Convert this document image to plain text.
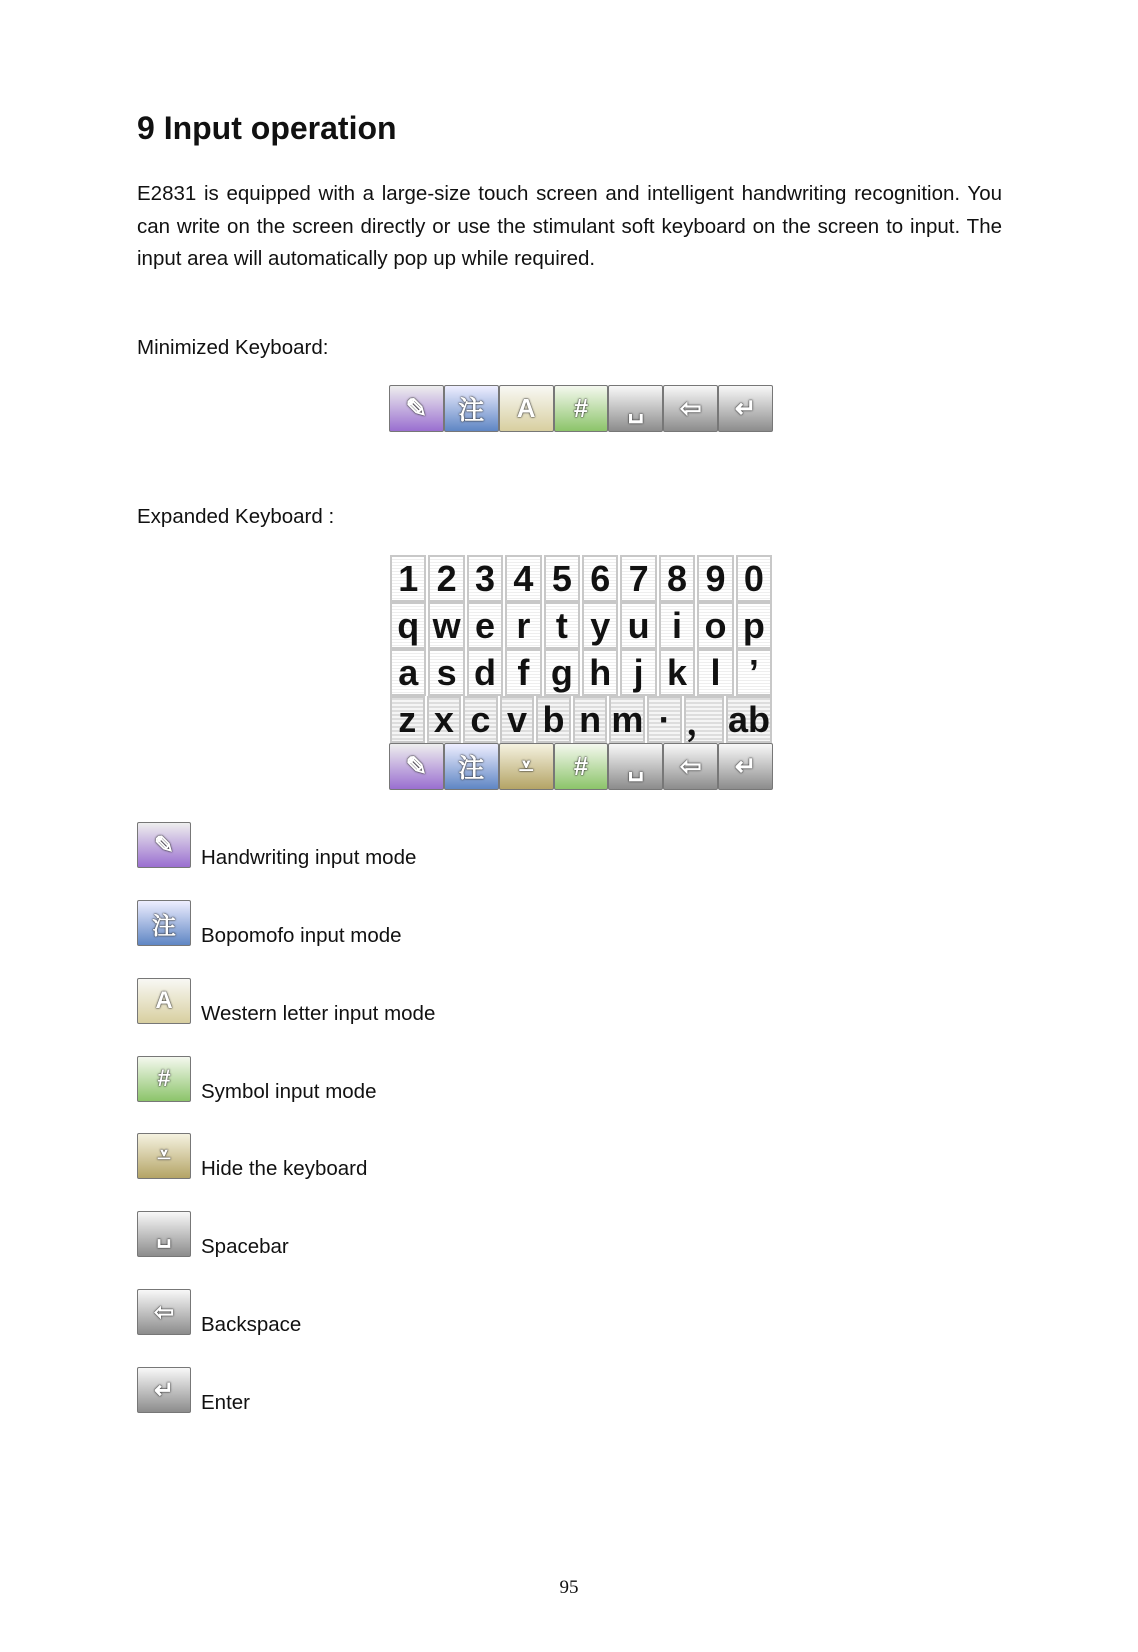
9 Input operation

E2831 is equipped with a large-size touch screen and intelligent handwriting recognition. You can write on the screen directly or use the stimulant soft keyboard on the screen to input. The input area will automatically pop up while required.

Minimized Keyboard:
✎	注	A	#	␣	⇦	↵
Expanded Keyboard :
1 2 3 4 5 6 7 8 9 0
q w e r t y u i o p
a s d f g h j k l ’
z x c v b n m · ， ab
✎	注	⩡	#	␣	⇦	↵
✎	Handwriting input mode
注	Bopomofo input mode
A	Western letter input mode
#	Symbol input mode
⩡	Hide the keyboard
␣	Spacebar
⇦	Backspace
↵	Enter
95
